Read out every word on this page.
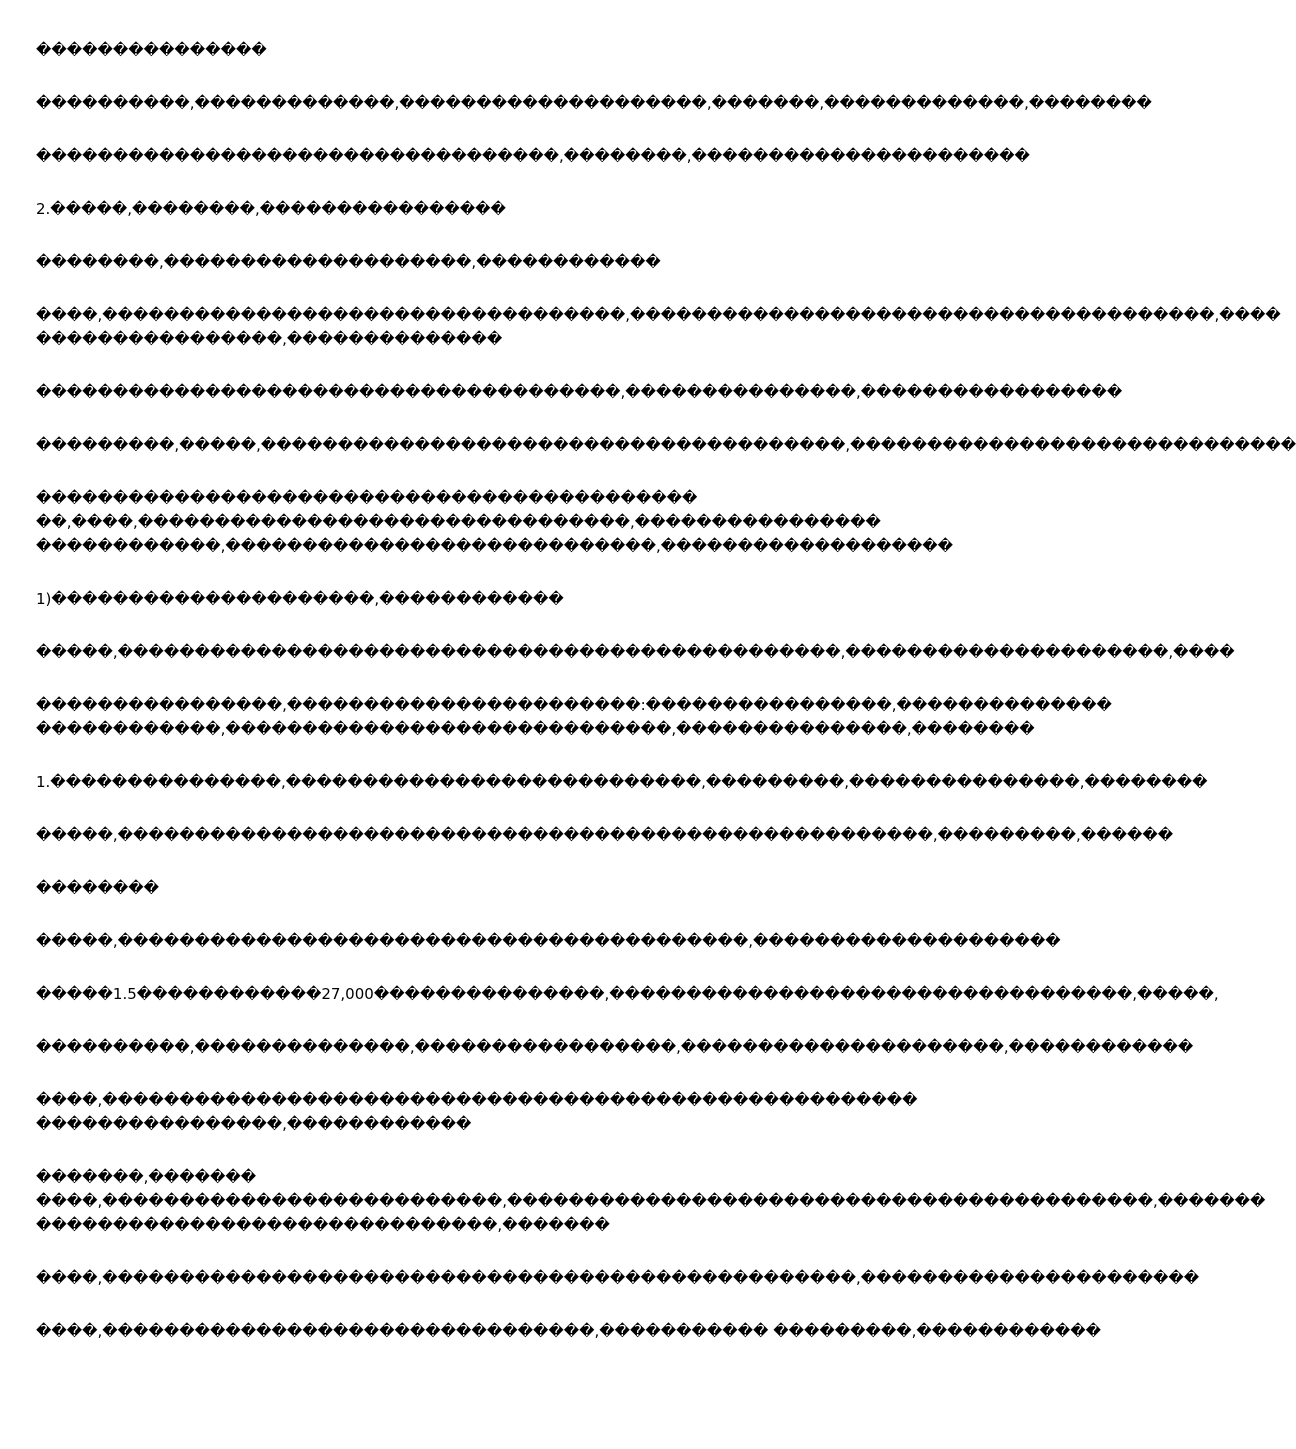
���������������
����������,�������������,��������������������,�������,�������������,��������
����������������������������������,��������,����������������������
2.�����,��������,����������������
��������,��������������������,������������
����,����������������������������������,��������������������������������������,����
����������������,��������������
��������������������������������������,���������������,�����������������
���������,�����,��������������������������������������,�����������������������������
�������������������������������������������
��,����,��������������������������������,����������������
������������,����������������������������,�������������������
1)���������������������,������������
�����,�����������������������������������������������,���������������������,����
����������������,�����������������������:����������������,��������������
������������,�����������������������������,���������������,��������
1.���������������,���������������������������,���������,���������������,��������
�����,�����������������������������������������������������,���������,������
��������
�����,�����������������������������������������,��������������������
�����1.5������������27,000���������������,����������������������������������,�����,
����������,��������������,�����������������,���������������������,������������
����,�����������������������������������������������������
����������������,������������
�������,�������
����,��������������������������,������������������������������������������,�������
������������������������������,�������
����,�������������������������������������������������,����������������������
����,��������������������������������,����������� ���������,������������
